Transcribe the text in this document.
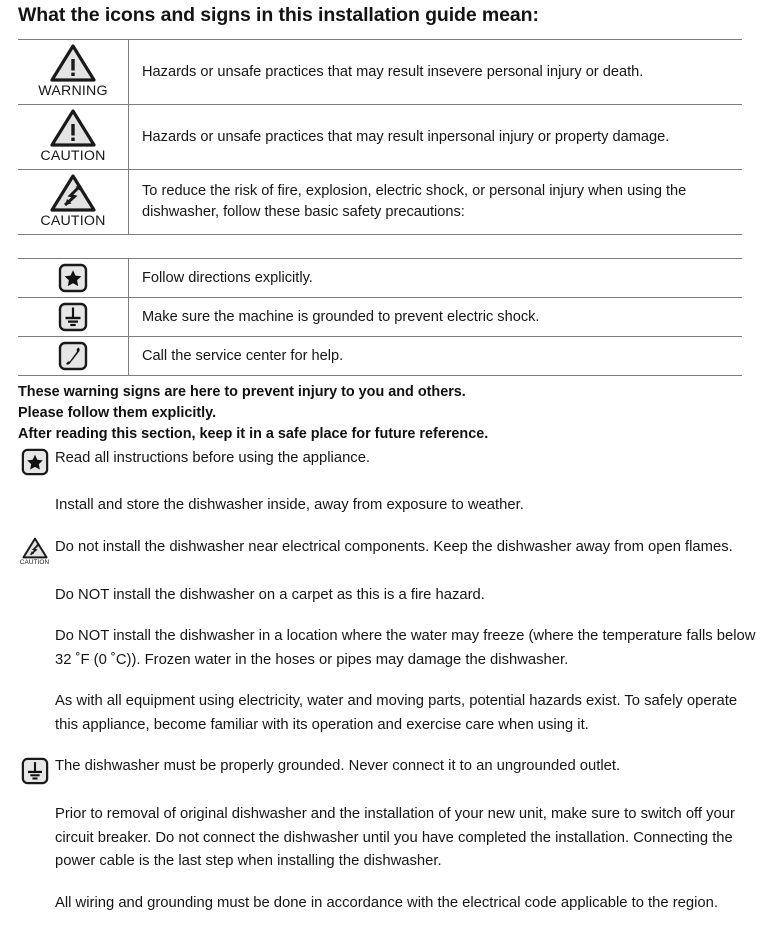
What the icons and signs in this installation guide mean:
WARNING	Hazards or unsafe practices that may result insevere personal injury or death.

CAUTION	Hazards or unsafe practices that may result inpersonal injury or property damage.

CAUTION	To reduce the risk of fire, explosion, electric shock, or personal injury when using the dishwasher, follow these basic safety precautions:
	Follow directions explicitly.

	Make sure the machine is grounded to prevent electric shock.

	Call the service center for help.
These warning signs are here to prevent injury to you and others.
Please follow them explicitly.
After reading this section, keep it in a safe place for future reference.
Read all instructions before using the appliance.
Install and store the dishwasher inside, away from exposure to weather.
CAUTION
Do not install the dishwasher near electrical components. Keep the dishwasher away from open flames.
Do NOT install the dishwasher on a carpet as this is a fire hazard.
Do NOT install the dishwasher in a location where the water may freeze (where the temperature falls below 32 ˚F (0 ˚C)). Frozen water in the hoses or pipes may damage the dishwasher.
As with all equipment using electricity, water and moving parts, potential hazards exist. To safely operate this appliance, become familiar with its operation and exercise care when using it.
The dishwasher must be properly grounded. Never connect it to an ungrounded outlet.
Prior to removal of original dishwasher and the installation of your new unit, make sure to switch off your circuit breaker. Do not connect the dishwasher until you have completed the installation. Connecting the power cable is the last step when installing the dishwasher.
All wiring and grounding must be done in accordance with the electrical code applicable to the region.
